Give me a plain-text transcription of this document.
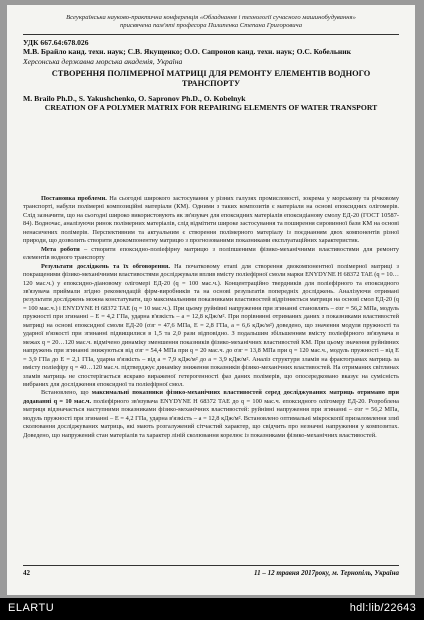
Всеукраїнська науково-практична конференція «Обладнання і технології сучасного машинобудування»
присвячена пам'яті професора Пилипенка Степана Григоровича
УДК 667.64:678.026
М.В. Брайло канд. техн. наук; С.В. Якущенко; О.О. Сапронов канд. техн. наук; О.С. Кобельник
Херсонська державна морська академія, Україна
СТВОРЕННЯ ПОЛІМЕРНОЇ МАТРИЦІ ДЛЯ РЕМОНТУ ЕЛЕМЕНТІВ ВОДНОГО ТРАНСПОРТУ
M. Brailo Ph.D., S. Yakushchenko, O. Sapronov Ph.D., O. Kobelnyk
CREATION OF A POLYMER MATRIX FOR REPAIRING ELEMENTS OF WATER TRANSPORT

Постановка проблеми. На сьогодні широкого застосування у різних галузях промисловості, зокрема у морському та річковому транспорті, набули полімерні композиційні матеріали (КМ). Одними з таких композитів є матеріали на основі епоксидних олігомерів. Слід зазначити, що на сьогодні широко використовують як зв'язувач для епоксидних матеріалів епоксидіанову смолу ЕД-20 (ГОСТ 10587-84). Водночас, аналізуючи ринок полімерних матеріалів, слід відмітити широке застосування та поширення сировинної бази КМ на основі ненасичених полімерів. Перспективним та актуальним є створення полімерного матеріалу із поєднанням двох компонентів різної природи, що дозволить створити двокомпонентну матрицю з прогнозованими показниками експлуатаційних характеристик.

Мета роботи – створити епоксидно-поліефірну матрицю з поліпшеними фізико-механічними властивостями для ремонту елементів водного транспорту

Результати досліджень та їх обговорення. На початковому етапі для створення двокомпонентної полімерної матриці з покращеними фізико-механічними властивостями досліджували вплив вмісту поліефірної смоли марки ENYDYNE H 68372 TAE (q = 10…120 мас.ч.) у епоксидно-діановому олігомері ЕД-20 (q = 100 мас.ч.). Концентраційно твердників для поліефірного та епоксидного зв'язувача приймали згідно рекомендацій фірм-виробників та на основі результатів попередніх досліджень. Аналізуючи отримані результати досліджень можна констатувати, що максимальними показниками властивостей відрізняється матриця на основі смол ЕД-20 (q = 100 мас.ч.) і ENYDYNE H 68372 TAE (q = 10 мас.ч.). При цьому руйнівні напруження при згинанні становлять – σзг = 56,2 МПа, модуль пружності при згинанні – E = 4,2 ГПа, ударна в'язкість – a = 12,8 кДж/м². При порівнянні отриманих даних з показниками властивостей матриці на основі епоксидної смоли ЕД-20 (σзг = 47,6 МПа, E = 2,8 ГПа, a = 6,6 кДж/м²) доведено, що значення модуля пружності та ударної в'язкості при згинанні підвищилися в 1,5 та 2,0 рази відповідно. З подальшим збільшенням вмісту поліефірного зв'язувача в межах q = 20…120 мас.ч. відмічено динаміку зменшення показників фізико-механічних властивостей КМ. При цьому значення руйнівних напружень при згинанні знижуються від σзг = 54,4 МПа при q = 20 мас.ч. до σзг = 13,8 МПа при q = 120 мас.ч., модуль пружності – від E = 3,9 ГПа до E = 2,1 ГПа, ударна в'язкість – від a = 7,9 кДж/м² до a = 3,9 кДж/м². Аналіз структури зламів на фрактограмах матриць за вмісту поліефіру q = 40…120 мас.ч. підтверджує динаміку зниження показників фізико-механічних властивостей. На отриманих світлинах зламів матриць не спостерігається яскраво вираженої гетерогенності фаз даних полімерів, що опосередковано вказує на сумісність вибраних для дослідження епоксидної та поліефірної смол.

Встановлено, що максимальні показники фізико-механічних властивостей серед досліджуваних матриць отримано при додаванні q = 10 мас.ч. поліефірного зв'язувача ENYDYNE H 68372 TAE до q = 100 мас.ч. епоксидного олігомеру ЕД-20. Розроблена матриця відзначається наступними показниками фізико-механічних властивостей: руйнівні напруження при згинанні – σзг = 56,2 МПа, модуль пружності при згинанні – E = 4,2 ГПа, ударна в'язкість – a = 12,8 кДж/м². Встановлено оптимальні мікроскопії призаломлення злиї сколювання досліджуваних матриць, які мають розгалужений сітчастий характер, що свідчить про незначні напруження у композитах. Доведено, що напружений стан матеріалів та характер ліній сколювання корелює із показниками фізико-механічних властивостей.

42	11 – 12 травня 2017року, м. Тернопіль, Україна
ELARTU	hdl:lib/22643
